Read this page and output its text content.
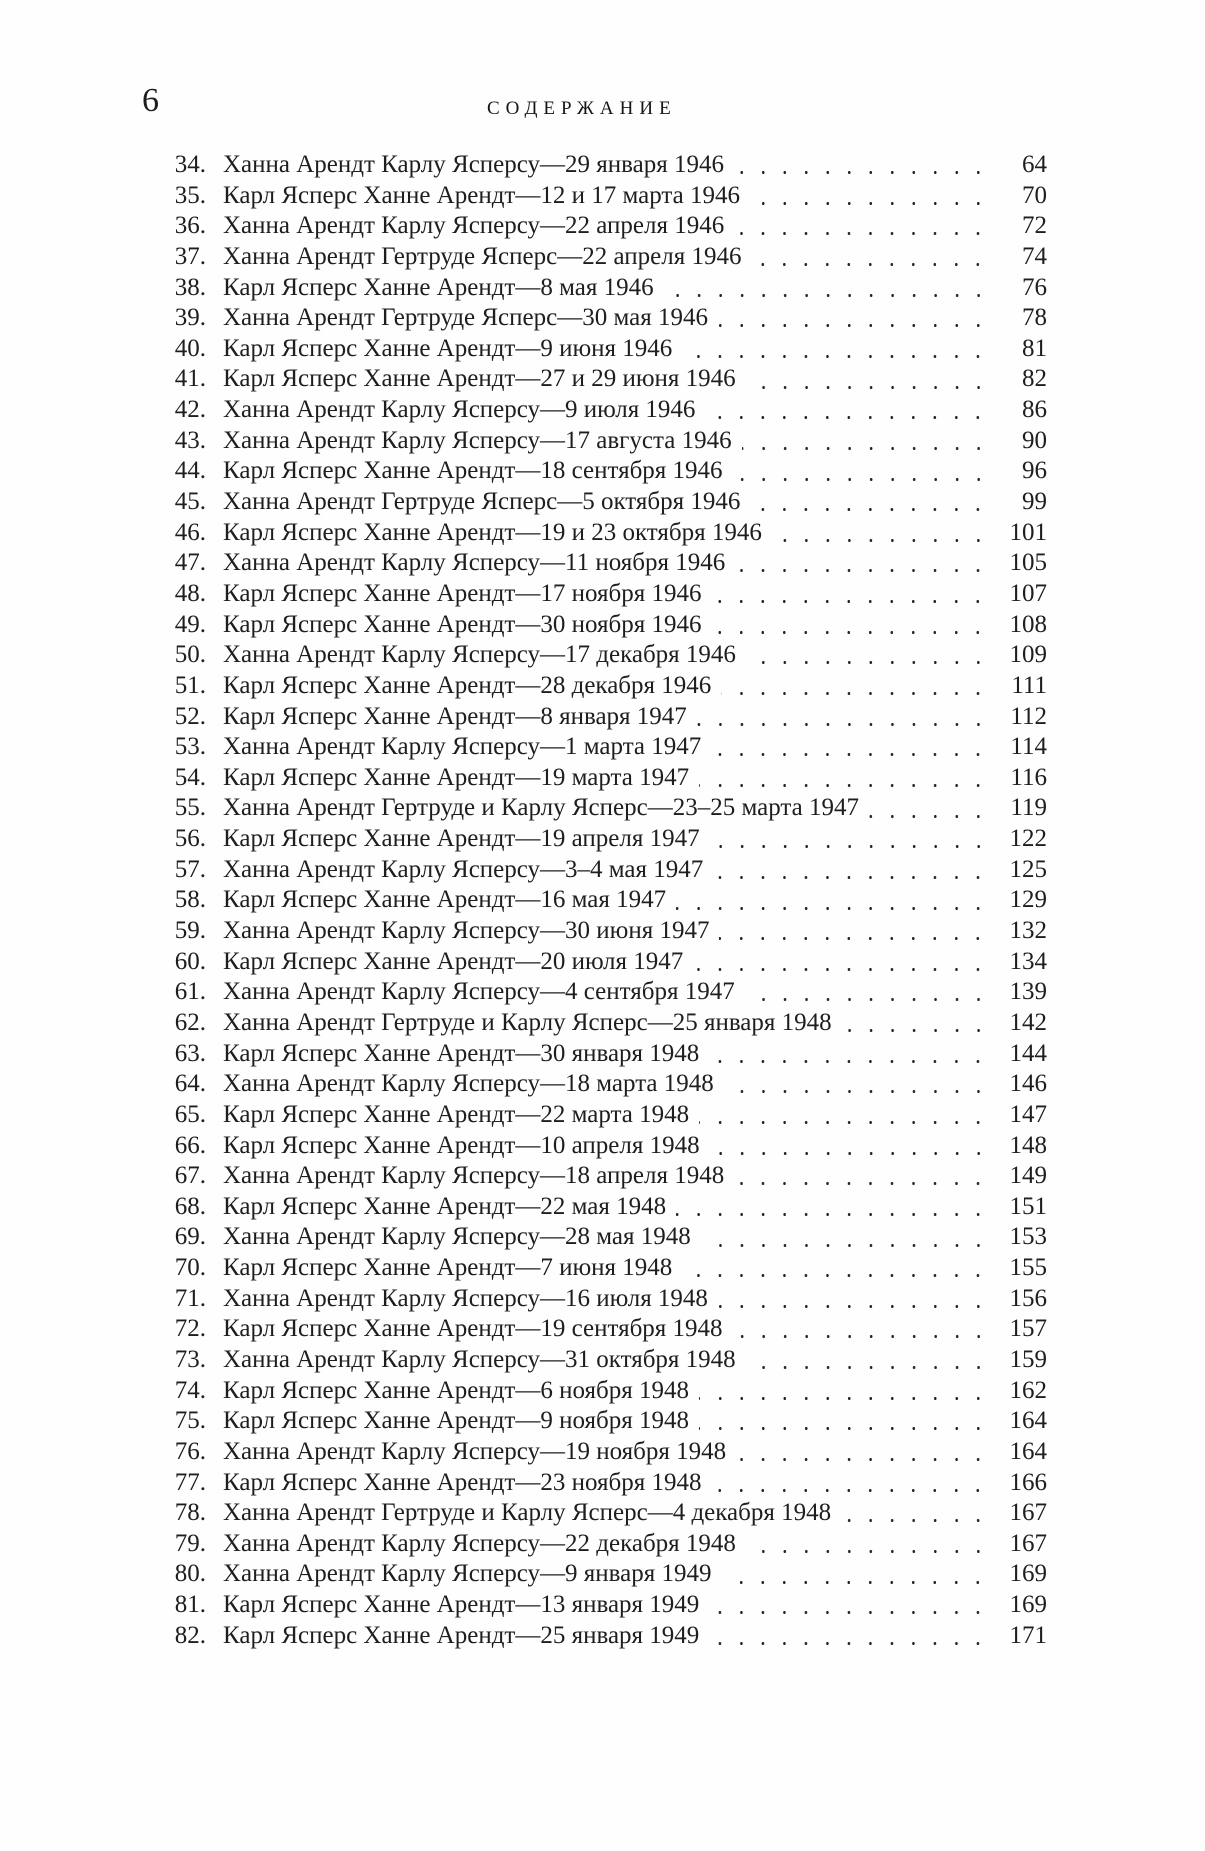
6	СОДЕРЖАНИЕ
34. Ханна Арендт Карлу Ясперсу—29 января 1946	64
35. Карл Ясперс Ханне Арендт—12 и 17 марта 1946	70
36. Ханна Арендт Карлу Ясперсу—22 апреля 1946	72
37. Ханна Арендт Гертруде Ясперс—22 апреля 1946	74
38. Карл Ясперс Ханне Арендт—8 мая 1946	76
39. Ханна Арендт Гертруде Ясперс—30 мая 1946	78
40. Карл Ясперс Ханне Арендт—9 июня 1946	81
41. Карл Ясперс Ханне Арендт—27 и 29 июня 1946	82
42. Ханна Арендт Карлу Ясперсу—9 июля 1946	86
43. Ханна Арендт Карлу Ясперсу—17 августа 1946	90
44. Карл Ясперс Ханне Арендт—18 сентября 1946	96
45. Ханна Арендт Гертруде Ясперс—5 октября 1946	99
46. Карл Ясперс Ханне Арендт—19 и 23 октября 1946	101
47. Ханна Арендт Карлу Ясперсу—11 ноября 1946	105
48. Карл Ясперс Ханне Арендт—17 ноября 1946	107
49. Карл Ясперс Ханне Арендт—30 ноября 1946	108
50. Ханна Арендт Карлу Ясперсу—17 декабря 1946	109
51. Карл Ясперс Ханне Арендт—28 декабря 1946	111
52. Карл Ясперс Ханне Арендт—8 января 1947	112
53. Ханна Арендт Карлу Ясперсу—1 марта 1947	114
54. Карл Ясперс Ханне Арендт—19 марта 1947	116
55. Ханна Арендт Гертруде и Карлу Ясперс—23–25 марта 1947	119
56. Карл Ясперс Ханне Арендт—19 апреля 1947	122
57. Ханна Арендт Карлу Ясперсу—3–4 мая 1947	125
58. Карл Ясперс Ханне Арендт—16 мая 1947	129
59. Ханна Арендт Карлу Ясперсу—30 июня 1947	132
60. Карл Ясперс Ханне Арендт—20 июля 1947	134
61. Ханна Арендт Карлу Ясперсу—4 сентября 1947	139
62. Ханна Арендт Гертруде и Карлу Ясперс—25 января 1948	142
63. Карл Ясперс Ханне Арендт—30 января 1948	144
64. Ханна Арендт Карлу Ясперсу—18 марта 1948	146
65. Карл Ясперс Ханне Арендт—22 марта 1948	147
66. Карл Ясперс Ханне Арендт—10 апреля 1948	148
67. Ханна Арендт Карлу Ясперсу—18 апреля 1948	149
68. Карл Ясперс Ханне Арендт—22 мая 1948	151
69. Ханна Арендт Карлу Ясперсу—28 мая 1948	153
70. Карл Ясперс Ханне Арендт—7 июня 1948	155
71. Ханна Арендт Карлу Ясперсу—16 июля 1948	156
72. Карл Ясперс Ханне Арендт—19 сентября 1948	157
73. Ханна Арендт Карлу Ясперсу—31 октября 1948	159
74. Карл Ясперс Ханне Арендт—6 ноября 1948	162
75. Карл Ясперс Ханне Арендт—9 ноября 1948	164
76. Ханна Арендт Карлу Ясперсу—19 ноября 1948	164
77. Карл Ясперс Ханне Арендт—23 ноября 1948	166
78. Ханна Арендт Гертруде и Карлу Ясперс—4 декабря 1948	167
79. Ханна Арендт Карлу Ясперсу—22 декабря 1948	167
80. Ханна Арендт Карлу Ясперсу—9 января 1949	169
81. Карл Ясперс Ханне Арендт—13 января 1949	169
82. Карл Ясперс Ханне Арендт—25 января 1949	171
